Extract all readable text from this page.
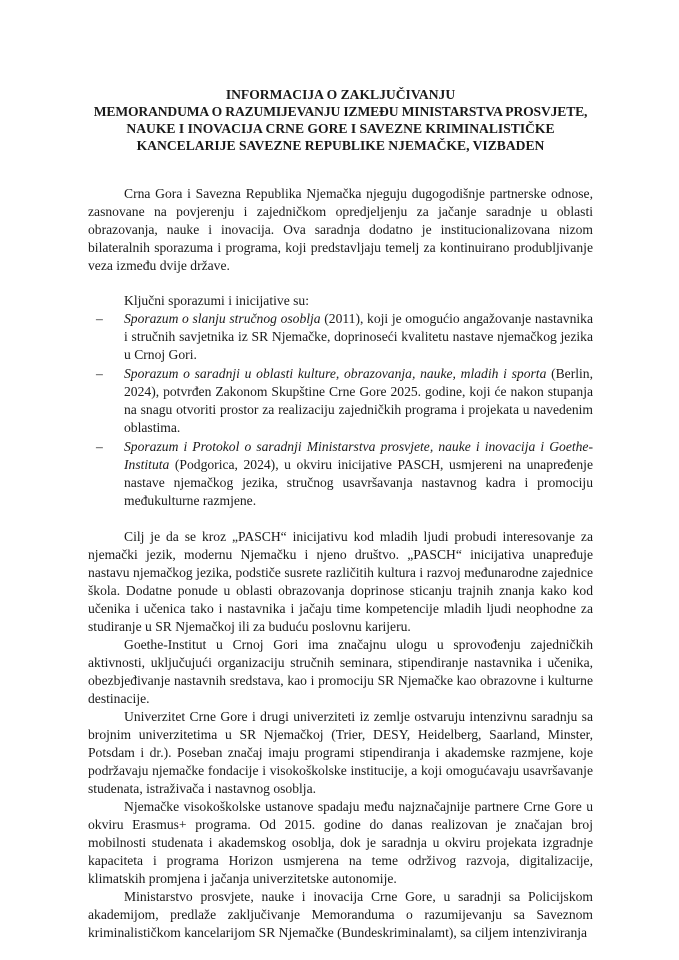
INFORMACIJA O ZAKLJUČIVANJU
MEMORANDUMA O RAZUMIJEVANJU IZMEĐU MINISTARSTVA PROSVJETE,
NAUKE I INOVACIJA CRNE GORE I SAVEZNE KRIMINALISTIČKE
KANCELARIJE SAVEZNE REPUBLIKE NJEMAČKE, VIZBADEN

Crna Gora i Savezna Republika Njemačka njeguju dugogodišnje partnerske odnose, zasnovane na povjerenju i zajedničkom opredjeljenju za jačanje saradnje u oblasti obrazovanja, nauke i inovacija. Ova saradnja dodatno je institucionalizovana nizom bilateralnih sporazuma i programa, koji predstavljaju temelj za kontinuirano produbljivanje veza između dvije države.

Ključni sporazumi i inicijative su:

– Sporazum o slanju stručnog osoblja (2011), koji je omogućio angažovanje nastavnika i stručnih savjetnika iz SR Njemačke, doprinoseći kvalitetu nastave njemačkog jezika u Crnoj Gori.
– Sporazum o saradnji u oblasti kulture, obrazovanja, nauke, mladih i sporta (Berlin, 2024), potvrđen Zakonom Skupštine Crne Gore 2025. godine, koji će nakon stupanja na snagu otvoriti prostor za realizaciju zajedničkih programa i projekata u navedenim oblastima.
– Sporazum i Protokol o saradnji Ministarstva prosvjete, nauke i inovacija i Goethe-Instituta (Podgorica, 2024), u okviru inicijative PASCH, usmjereni na unapređenje nastave njemačkog jezika, stručnog usavršavanja nastavnog kadra i promociju međukulturne razmjene.

Cilj je da se kroz „PASCH“ inicijativu kod mladih ljudi probudi interesovanje za njemački jezik, modernu Njemačku i njeno društvo. „PASCH“ inicijativa unapređuje nastavu njemačkog jezika, podstiče susrete različitih kultura i razvoj međunarodne zajednice škola. Dodatne ponude u oblasti obrazovanja doprinose sticanju trajnih znanja kako kod učenika i učenica tako i nastavnika i jačaju time kompetencije mladih ljudi neophodne za studiranje u SR Njemačkoj ili za buduću poslovnu karijeru.

Goethe-Institut u Crnoj Gori ima značajnu ulogu u sprovođenju zajedničkih aktivnosti, uključujući organizaciju stručnih seminara, stipendiranje nastavnika i učenika, obezbjeđivanje nastavnih sredstava, kao i promociju SR Njemačke kao obrazovne i kulturne destinacije.

Univerzitet Crne Gore i drugi univerziteti iz zemlje ostvaruju intenzivnu saradnju sa brojnim univerzitetima u SR Njemačkoj (Trier, DESY, Heidelberg, Saarland, Minster, Potsdam i dr.). Poseban značaj imaju programi stipendiranja i akademske razmjene, koje podržavaju njemačke fondacije i visokoškolske institucije, a koji omogućavaju usavršavanje studenata, istraživača i nastavnog osoblja.

Njemačke visokoškolske ustanove spadaju među najznačajnije partnere Crne Gore u okviru Erasmus+ programa. Od 2015. godine do danas realizovan je značajan broj mobilnosti studenata i akademskog osoblja, dok je saradnja u okviru projekata izgradnje kapaciteta i programa Horizon usmjerena na teme održivog razvoja, digitalizacije, klimatskih promjena i jačanja univerzitetske autonomije.

Ministarstvo prosvjete, nauke i inovacija Crne Gore, u saradnji sa Policijskom akademijom, predlaže zaključivanje Memoranduma o razumijevanju sa Saveznom kriminalističkom kancelarijom SR Njemačke (Bundeskriminalamt), sa ciljem intenziviranja
